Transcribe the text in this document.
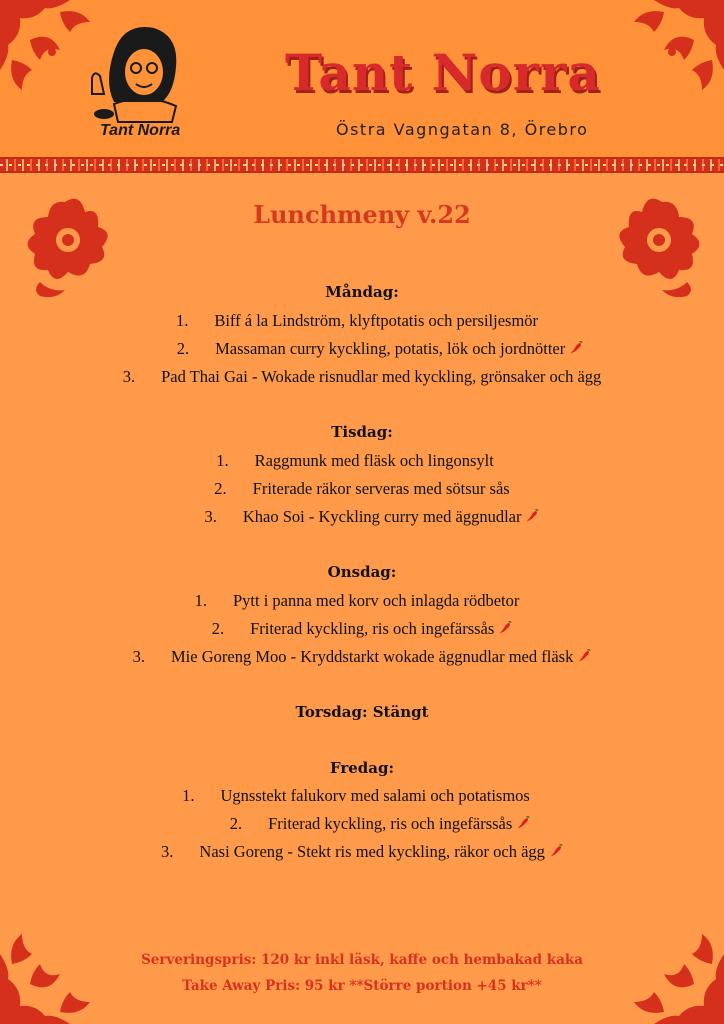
Tant Norra
Tant Norra
Östra Vagngatan 8, Örebro
Lunchmeny v.22
Måndag:
1. Biff á la Lindström, klyftpotatis och persiljesmör
2. Massaman curry kyckling, potatis, lök och jordnötter
3. Pad Thai Gai - Wokade risnudlar med kyckling, grönsaker och ägg
Tisdag:
1. Raggmunk med fläsk och lingonsylt
2. Friterade räkor serveras med sötsur sås
3. Khao Soi - Kyckling curry med äggnudlar
Onsdag:
1. Pytt i panna med korv och inlagda rödbetor
2. Friterad kyckling, ris och ingefärssås
3. Mie Goreng Moo - Kryddstarkt wokade äggnudlar med fläsk
Torsdag: Stängt
Fredag:
1. Ugnsstekt falukorv med salami och potatismos
2. Friterad kyckling, ris och ingefärssås
3. Nasi Goreng - Stekt ris med kyckling, räkor och ägg
Serveringspris: 120 kr inkl läsk, kaffe och hembakad kaka
Take Away Pris: 95 kr **Större portion +45 kr**
